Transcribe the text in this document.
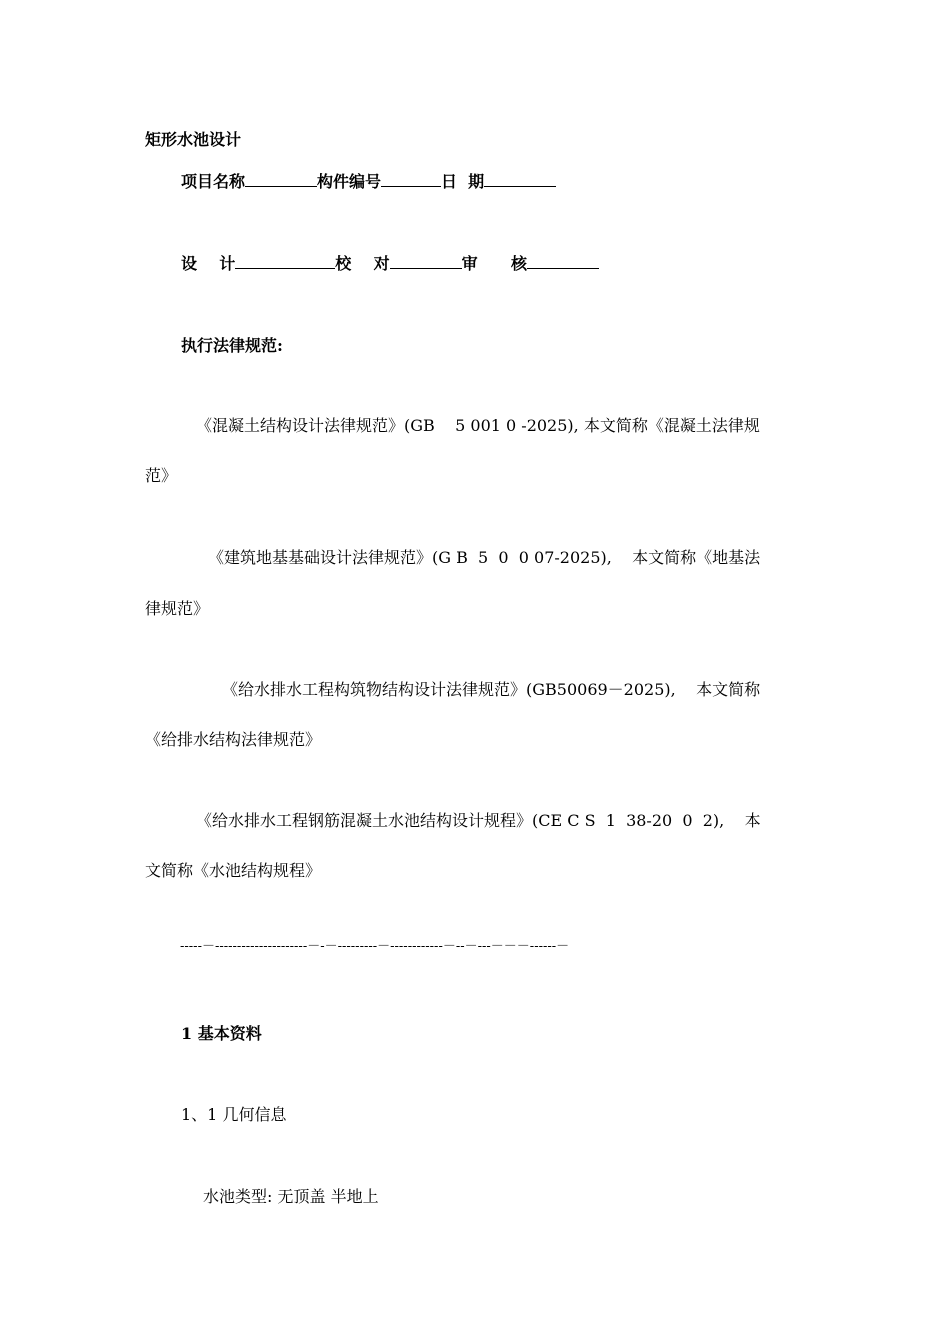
矩形水池设计
项目名称	构件编号	日  期
设    计	校    对	审      核
执行法律规范:
《混凝土结构设计法律规范》(GB    5 001 0 -2025), 本文简称《混凝土法律规
范》
《建筑地基基础设计法律规范》(G B  5  0  0 07-2025),    本文简称《地基法
律规范》
《给水排水工程构筑物结构设计法律规范》(GB50069－2025),    本文简称
《给排水结构法律规范》
《给水排水工程钢筋混凝土水池结构设计规程》(CE C S  1  38-20  0  2),    本
文简称《水池结构规程》
-----－---------------------－-－---------－------------－--－---－－－------－
1 基本资料
1、1 几何信息
水池类型: 无顶盖 半地上
